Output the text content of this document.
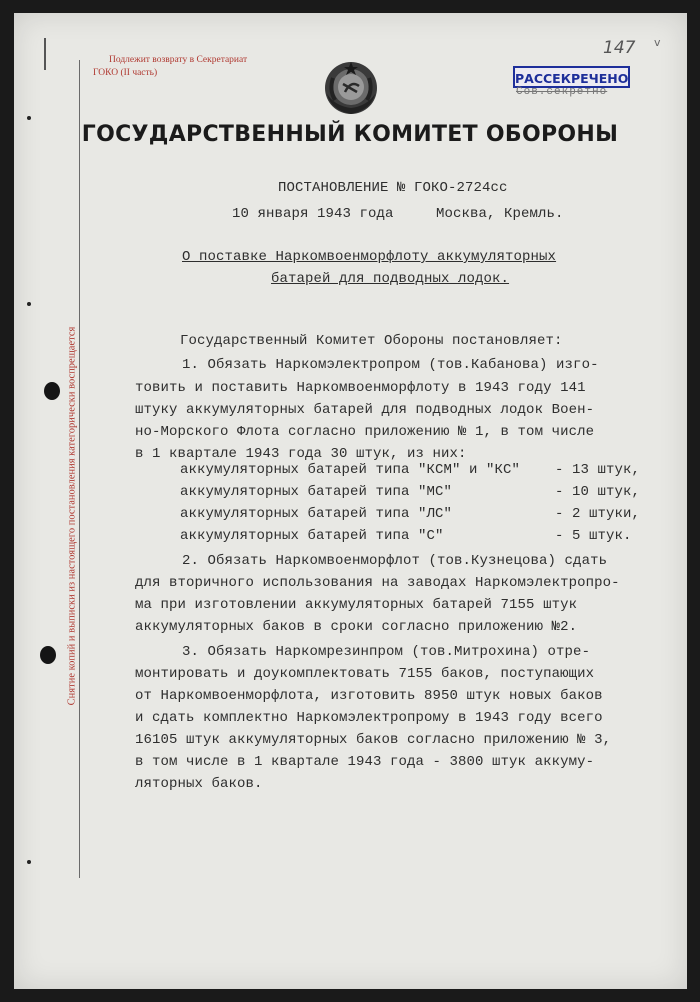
Снятие копий и выписки из настоящего постановления категорически воспрещается
Подлежит возврату в Секретариат
ГОКО (II часть)
147 v
РАССЕКРЕЧЕНО
Сов.секретно
ГОСУДАРСТВЕННЫЙ КОМИТЕТ ОБОРОНЫ
ПОСТАНОВЛЕНИЕ № ГОКО-2724сс
10 января 1943 года     Москва, Кремль.
О поставке Наркомвоенморфлоту аккумуляторных
батарей для подводных лодок.
Государственный Комитет Обороны постановляет:
1. Обязать Наркомэлектропром (тов.Кабанова) изго-
товить и поставить Наркомвоенморфлоту в 1943 году 141
штуку аккумуляторных батарей для подводных лодок Воен-
но-Морского Флота согласно приложению № 1, в том числе
в 1 квартале 1943 года 30 штук, из них:
аккумуляторных батарей типа "КСМ" и "КС" - 13 штук,
аккумуляторных батарей типа "МС"	- 10 штук,
аккумуляторных батарей типа "ЛС"	- 2 штуки,
аккумуляторных батарей типа "С"	- 5 штук.
2. Обязать Наркомвоенморфлот (тов.Кузнецова) сдать
для вторичного использования на заводах Наркомэлектропро-
ма при изготовлении аккумуляторных батарей 7155 штук
аккумуляторных баков в сроки согласно приложению №2.
3. Обязать Наркомрезинпром (тов.Митрохина) отре-
монтировать и доукомплектовать 7155 баков, поступающих
от Наркомвоенморфлота, изготовить 8950 штук новых баков
и сдать комплектно Наркомэлектропрому в 1943 году всего
16105 штук аккумуляторных баков согласно приложению № 3,
в том числе в 1 квартале 1943 года - 3800 штук аккуму-
ляторных баков.
